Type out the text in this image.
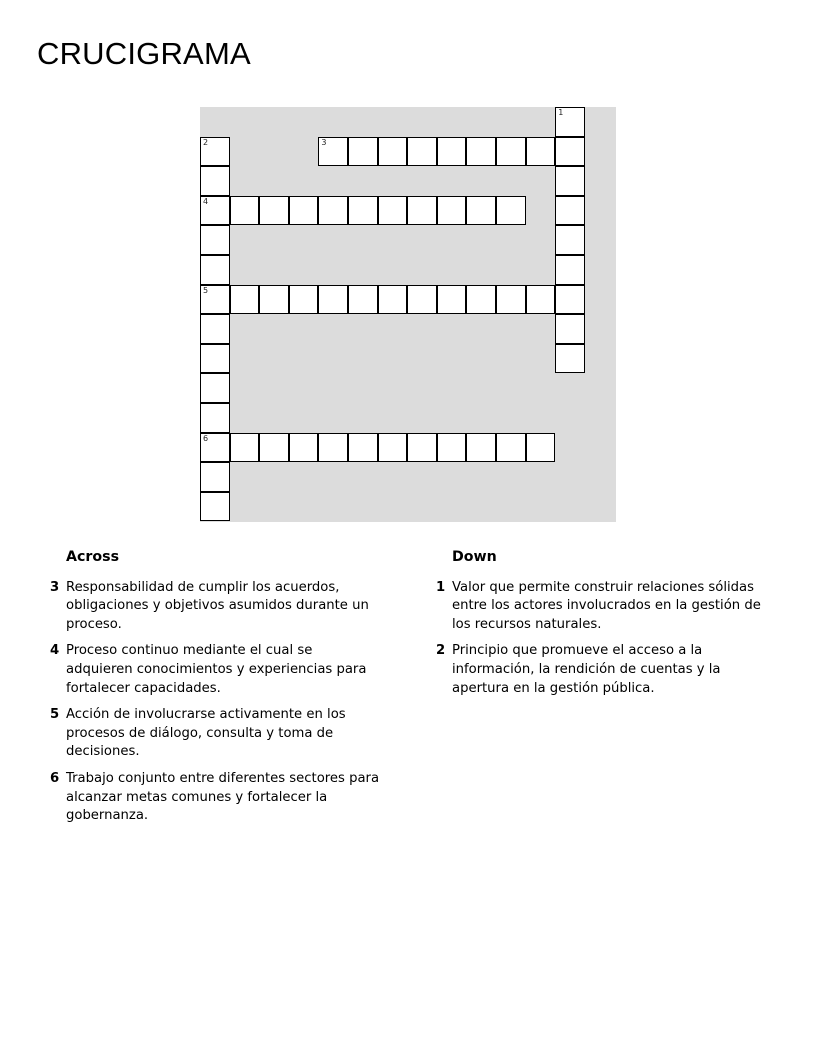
CRUCIGRAMA
1
2
4
5
6
3
Across
3 Responsabilidad de cumplir los acuerdos, obligaciones y objetivos asumidos durante un proceso.
4 Proceso continuo mediante el cual se adquieren conocimientos y experiencias para fortalecer capacidades.
5 Acción de involucrarse activamente en los procesos de diálogo, consulta y toma de decisiones.
6 Trabajo conjunto entre diferentes sectores para alcanzar metas comunes y fortalecer la gobernanza.
Down
1 Valor que permite construir relaciones sólidas entre los actores involucrados en la gestión de los recursos naturales.
2 Principio que promueve el acceso a la información, la rendición de cuentas y la apertura en la gestión pública.
